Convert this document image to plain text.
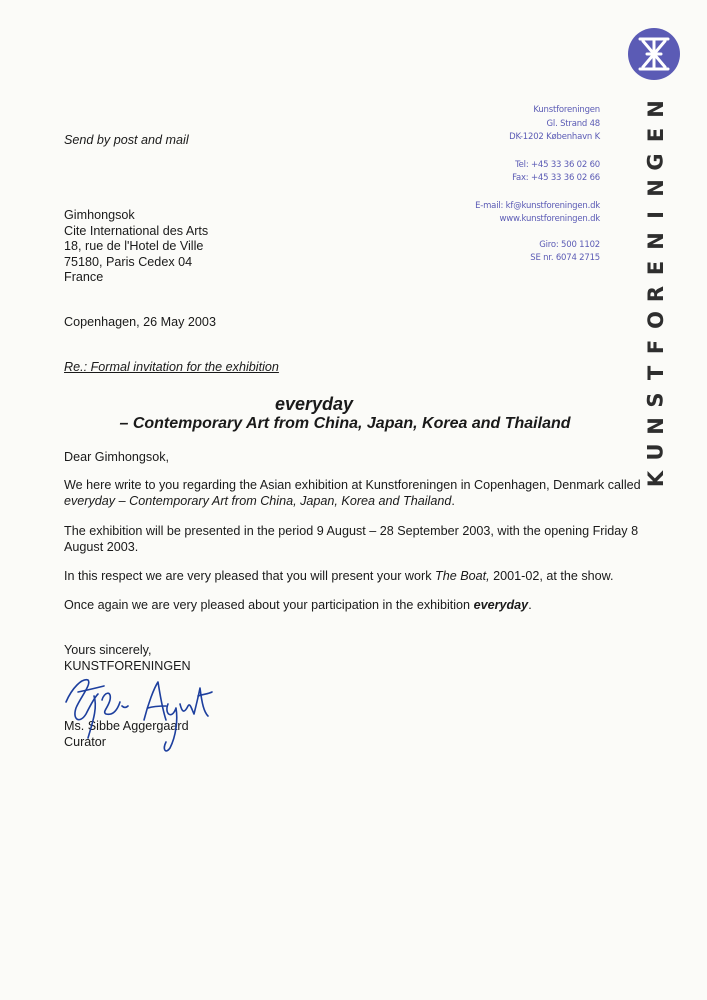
Kunstforeningen
Gl. Strand 48
DK-1202 København K
Tel: +45 33 36 02 60
Fax: +45 33 36 02 66
E-mail: kf@kunstforeningen.dk
www.kunstforeningen.dk
Giro: 500 1102
SE nr. 6074 2715
N
E
G
N
I
N
E
R
O
F
T
S
N
U
K
Send by post and mail
Gimhongsok
Cite International des Arts
18, rue de l'Hotel de Ville
75180, Paris Cedex 04
France
Copenhagen, 26 May 2003
Re.: Formal invitation for the exhibition
everyday
– Contemporary Art from China, Japan, Korea and Thailand
Dear Gimhongsok,
We here write to you regarding the Asian exhibition at Kunstforeningen in Copenhagen, Denmark called everyday – Contemporary Art from China, Japan, Korea and Thailand.
The exhibition will be presented in the period 9 August – 28 September 2003, with the opening Friday 8 August 2003.
In this respect we are very pleased that you will present your work The Boat, 2001-02, at the show.
Once again we are very pleased about your participation in the exhibition everyday.
Yours sincerely,
KUNSTFORENINGEN
Ms. Sibbe Aggergaard
Curator
